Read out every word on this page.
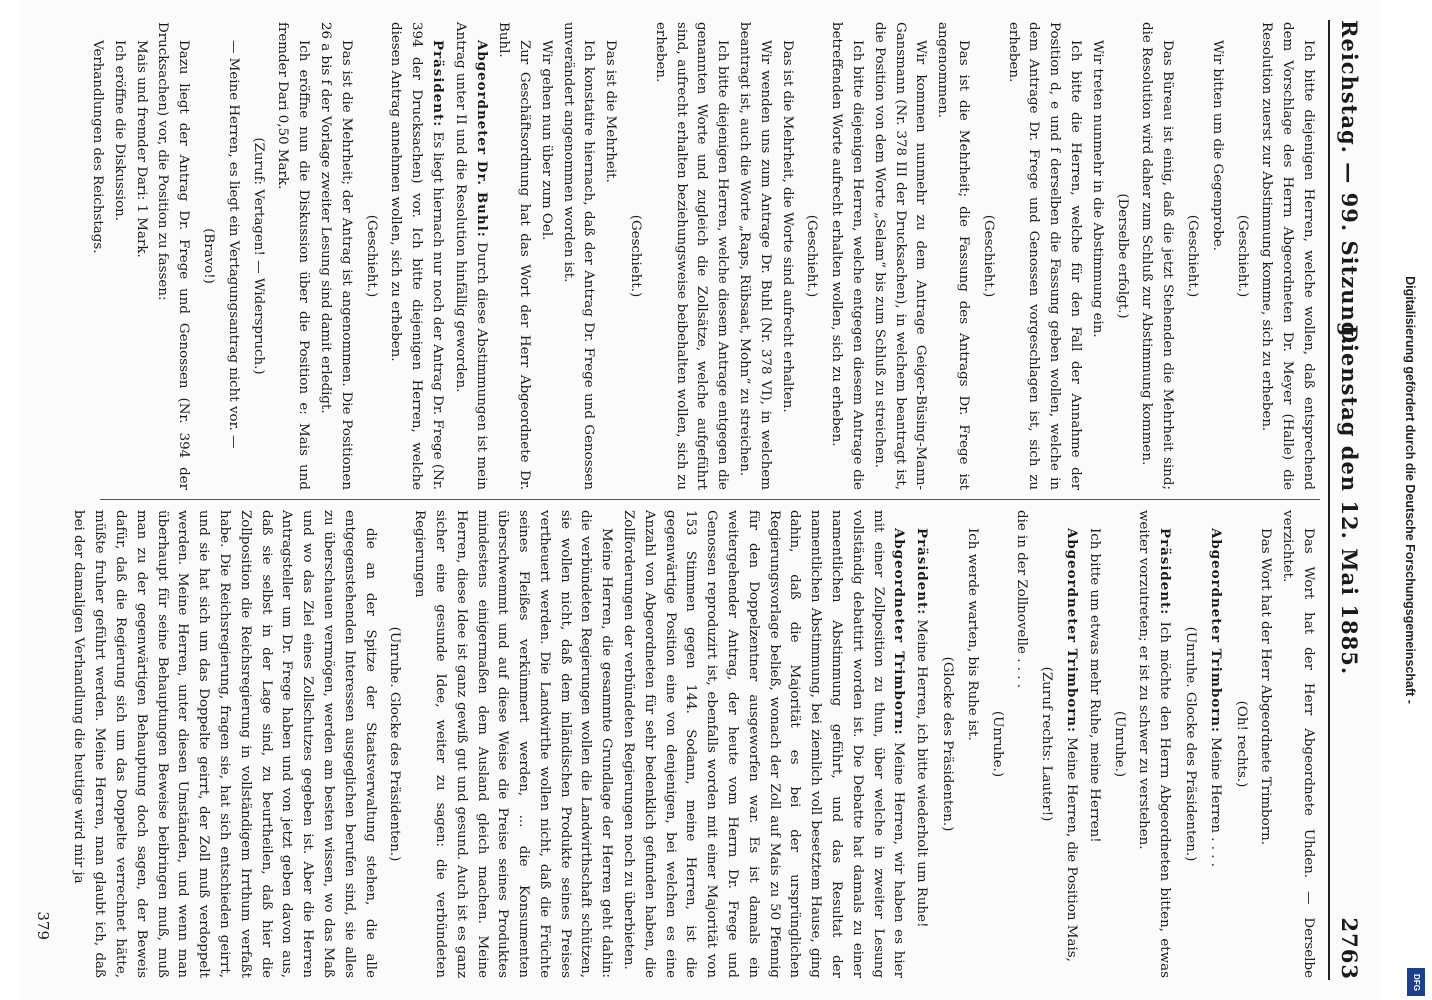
Reichstag. — 99. Sitzung.
Dienstag den 12. Mai 1885.
2763

Ich bitte diejenigen Herren, welche wollen, daß entsprechend dem Vorschlage des Herrn Abgeordneten Dr. Meyer (Halle) die Resolution zuerst zur Abstimmung komme, sich zu erheben.

(Geschieht.)

Wir bitten um die Gegenprobe.

(Geschieht.)

Das Büreau ist einig, daß die jetzt Stehenden die Mehrheit sind; die Resolution wird daher zum Schluß zur Abstimmung kommen.

(Derselbe erfolgt.)

Wir treten nunmehr in die Abstimmung ein.

Ich bitte die Herren, welche für den Fall der Annahme der Position d, e und f derselben die Fassung geben wollen, welche in dem Antrage Dr. Frege und Genossen vorgeschlagen ist, sich zu erheben.

(Geschieht.)

Das ist die Mehrheit; die Fassung des Antrags Dr. Frege ist angenommen.

Wir kommen nunmehr zu dem Antrage Geiger-Büsing-Mann-Gansmann (Nr. 378 III der Drucksachen), in welchem beantragt ist, die Position von dem Worte „Selam“ bis zum Schluß zu streichen.

Ich bitte diejenigen Herren, welche entgegen diesem Antrage die betreffenden Worte aufrecht erhalten wollen, sich zu erheben.

(Geschieht.)

Das ist die Mehrheit, die Worte sind aufrecht erhalten.

Wir wenden uns zum Antrage Dr. Buhl (Nr. 378 VI), in welchem beantragt ist, auch die Worte „Raps, Rübsaat, Mohn“ zu streichen.

Ich bitte diejenigen Herren, welche diesem Antrage entgegen die genannten Worte und zugleich die Zollsätze, welche aufgeführt sind, aufrecht erhalten beziehungsweise beibehalten wollen, sich zu erheben.

(Geschieht.)

Das ist die Mehrheit.

Ich konstatire hiernach, daß der Antrag Dr. Frege und Genossen unverändert angenommen worden ist.

Wir gehen nun über zum Oel.

Zur Geschäftsordnung hat das Wort der Herr Abgeordnete Dr. Buhl.

Abgeordneter Dr. Buhl: Durch diese Abstimmungen ist mein Antrag unter II und die Resolution hinfällig geworden.

Präsident: Es liegt hiernach nur noch der Antrag Dr. Frege (Nr. 394 der Drucksachen) vor. Ich bitte diejenigen Herren, welche diesen Antrag annehmen wollen, sich zu erheben.

(Geschieht.)

Das ist die Mehrheit; der Antrag ist angenommen. Die Positionen 26 a bis f der Vorlage zweiter Lesung sind damit erledigt.

Ich eröffne nun die Diskussion über die Position e: Mais und fremder Dari 0,50 Mark.

(Zuruf: Vertagen! — Widerspruch.)

— Meine Herren, es liegt ein Vertagungsantrag nicht vor. —

(Bravo!)

Dazu liegt der Antrag Dr. Frege und Genossen (Nr. 394 der Drucksachen) vor, die Position zu fassen:

Mais und fremder Dari: 1 Mark.

Ich eröffne die Diskussion.

Verhandlungen des Reichstags.

Das Wort hat der Herr Abgeordnete Uhden. — Derselbe verzichtet.

Das Wort hat der Herr Abgeordnete Trimborn.

(Oh! rechts.)

Abgeordneter Trimborn: Meine Herren . . . .

(Unruhe. Glocke des Präsidenten.)

Präsident: Ich möchte den Herrn Abgeordneten bitten, etwas weiter vorzutreten; er ist zu schwer zu verstehen.

(Unruhe.)

Ich bitte um etwas mehr Ruhe, meine Herren!

Abgeordneter Trimborn: Meine Herren, die Position Mais,

(Zuruf rechts: Lauter!)

die in der Zollnovelle . . . .

(Unruhe.)

Ich werde warten, bis Ruhe ist.

(Glocke des Präsidenten.)

Präsident: Meine Herren, ich bitte wiederholt um Ruhe!

Abgeordneter Trimborn: Meine Herren, wir haben es hier mit einer Zollposition zu thun, über welche in zweiter Lesung vollständig debattirt worden ist. Die Debatte hat damals zu einer namentlichen Abstimmung geführt, und das Resultat der namentlichen Abstimmung, bei ziemlich voll besetztem Hause, ging dahin, daß die Majorität es bei der ursprünglichen Regierungsvorlage beließ, wonach der Zoll auf Mais zu 50 Pfennig für den Doppelzentner ausgeworfen war. Es ist damals ein weitergehender Antrag, der heute vom Herrn Dr. Frege und Genossen reproduzirt ist, ebenfalls worden mit einer Majorität von 153 Stimmen gegen 144. Sodann, meine Herren, ist die gegenwärtige Position eine von denjenigen, bei welchen es eine Anzahl von Abgeordneten für sehr bedenklich gefunden haben, die Zollforderungen der verbündeten Regierungen noch zu überbieten.

Meine Herren, die gesammte Grundlage der Herren geht dahin: die verbündeten Regierungen wollen die Landwirthschaft schützen, sie wollen nicht, daß dem inländischen Produkte seines Preises vertheuert werden. Die Landwirthe wollen nicht, daß die Früchte seines Fleißes verkümmert werden, ... die Konsumenten überschwemmt und auf diese Weise die Preise seines Produktes mindestens einigermaßen dem Ausland gleich machen. Meine Herren, diese Idee ist ganz gewiß gut und gesund. Auch ist es ganz sicher eine gesunde Idee, weiter zu sagen: die verbündeten Regierungen

(Unruhe. Glocke des Präsidenten.)

die an der Spitze der Staatsverwaltung stehen, die alle entgegenstehenden Interessen ausgeglichen berufen sind, sie alles zu überschauen vermögen, werden am besten wissen, wo das Maß und wo das Ziel eines Zollschutzes gegeben ist. Aber die Herren Antragsteller um Dr. Frege haben und von jetzt geben davon aus, daß sie selbst in der Lage sind, zu beurtheilen, daß hier die Zollposition die Reichsregierung in vollständigem Irrthum verfaßt habe. Die Reichsregierung, fragen sie, hat sich entschieden geirrt, und sie hat sich um das Doppelte geirrt, der Zoll muß verdoppelt werden. Meine Herren, unter diesen Umständen, und wenn man überhaupt für seine Behauptungen Beweise beibringen muß, muß man zu der gegenwärtigen Behauptung doch sagen, der Beweis dafür, daß die Regierung sich um das Doppelte verrechnet hätte, müßte fruher geführt werden. Meine Herren, man glaubt ich, daß bei der damaligen Verhandlung die heutige wird mir ja

379
Digitalisierung gefördert durch die Deutsche Forschungsgemeinschaft -
DFG
